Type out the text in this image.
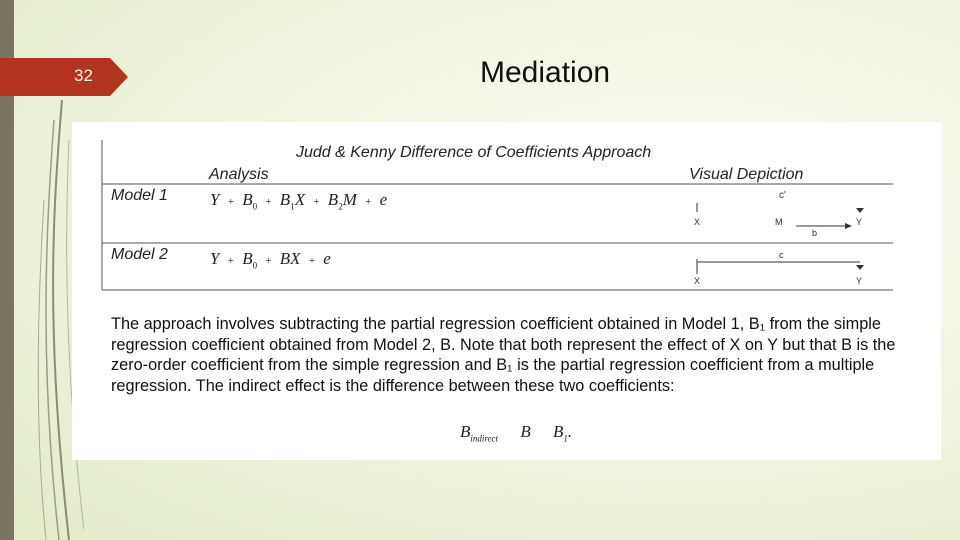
32	Mediation
Judd & Kenny Difference of Coefficients Approach
Analysis	Visual Depiction
Model 1 $Y + B_0 + B_1X + B_2M + e$	c'
X	M	Y
b
Model 2 $Y + B_0$ + BX + e	c
X	Y
The approach involves subtracting the partial regression coefficient obtained in Model 1, B₁ from the simple regression coefficient obtained from Model 2, B. Note that both represent the effect of X on Y but that B is the zero-order coefficient from the simple regression and B₁ is the partial regression coefficient from a multiple regression. The indirect effect is the difference between these two coefficients:
$B_{indirect}$ B $B_1$.
